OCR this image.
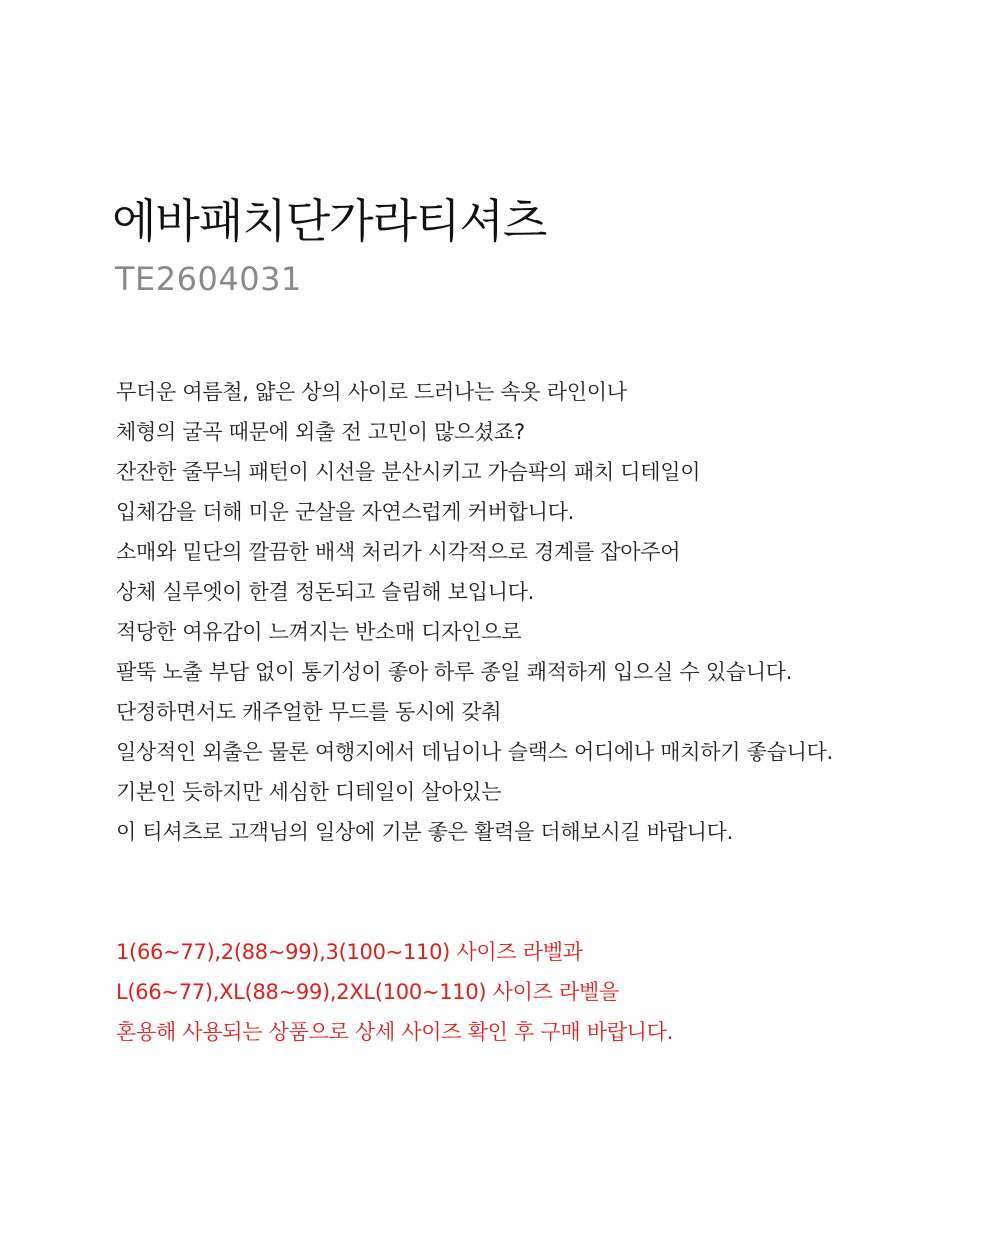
에바패치단가라티셔츠

TE2604031

무더운 여름철, 얇은 상의 사이로 드러나는 속옷 라인이나
체형의 굴곡 때문에 외출 전 고민이 많으셨죠?
잔잔한 줄무늬 패턴이 시선을 분산시키고 가슴팍의 패치 디테일이
입체감을 더해 미운 군살을 자연스럽게 커버합니다.
소매와 밑단의 깔끔한 배색 처리가 시각적으로 경계를 잡아주어
상체 실루엣이 한결 정돈되고 슬림해 보입니다.
적당한 여유감이 느껴지는 반소매 디자인으로
팔뚝 노출 부담 없이 통기성이 좋아 하루 종일 쾌적하게 입으실 수 있습니다.
단정하면서도 캐주얼한 무드를 동시에 갖춰
일상적인 외출은 물론 여행지에서 데님이나 슬랙스 어디에나 매치하기 좋습니다.
기본인 듯하지만 세심한 디테일이 살아있는
이 티셔츠로 고객님의 일상에 기분 좋은 활력을 더해보시길 바랍니다.
1(66~77),2(88~99),3(100~110) 사이즈 라벨과
L(66~77),XL(88~99),2XL(100~110) 사이즈 라벨을
혼용해 사용되는 상품으로 상세 사이즈 확인 후 구매 바랍니다.
